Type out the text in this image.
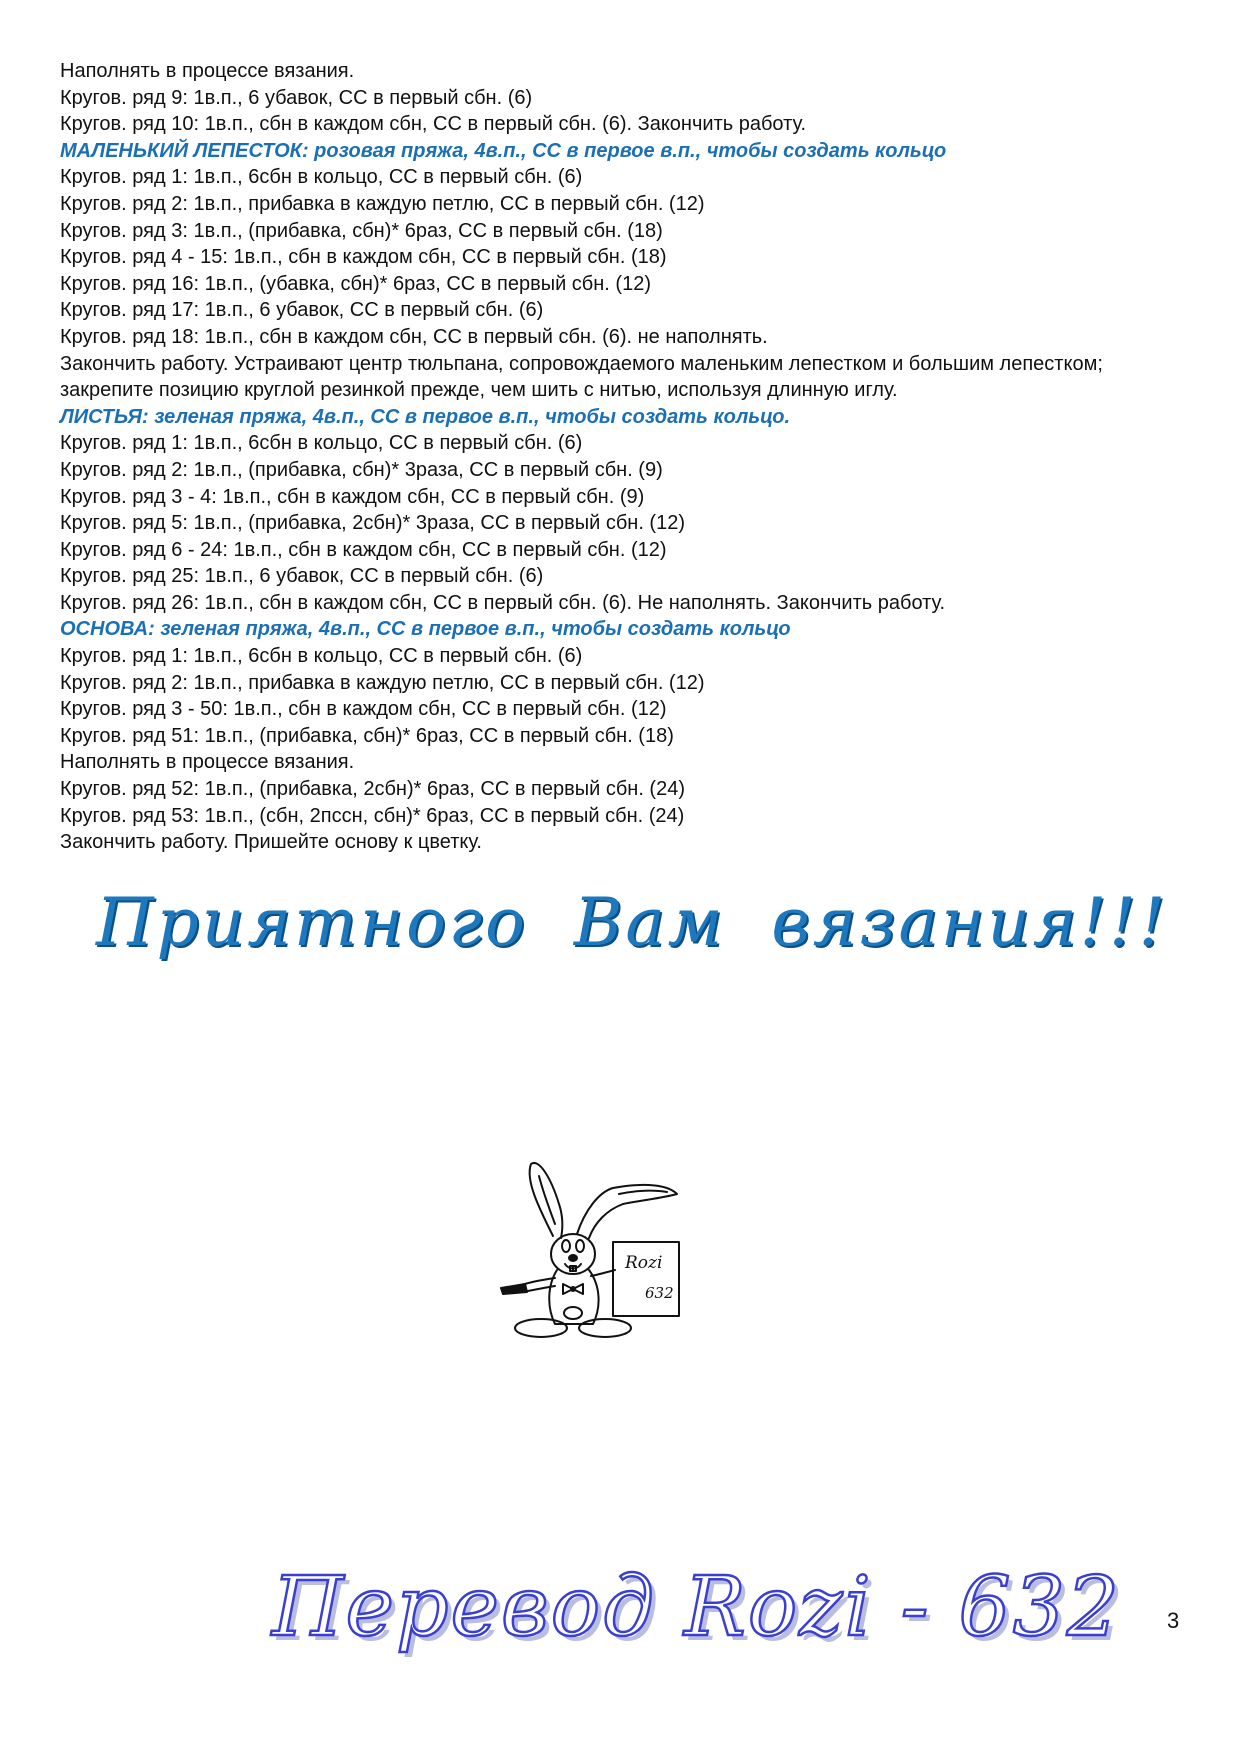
Наполнять в процессе вязания.
Кругов. ряд 9: 1в.п., 6 убавок, СС в первый сбн. (6)
Кругов. ряд 10: 1в.п., сбн в каждом сбн, СС в первый сбн. (6). Закончить работу.
МАЛЕНЬКИЙ ЛЕПЕСТОК: розовая пряжа, 4в.п., СС в первое в.п., чтобы создать кольцо
Кругов. ряд 1: 1в.п., 6сбн в кольцо, СС в первый сбн. (6)
Кругов. ряд 2: 1в.п., прибавка в каждую петлю, СС в первый сбн. (12)
Кругов. ряд 3: 1в.п., (прибавка, сбн)* 6раз, СС в первый сбн. (18)
Кругов. ряд 4 - 15: 1в.п., сбн в каждом сбн, СС в первый сбн. (18)
Кругов. ряд 16: 1в.п., (убавка, сбн)* 6раз, СС в первый сбн. (12)
Кругов. ряд 17: 1в.п., 6 убавок, СС в первый сбн. (6)
Кругов. ряд 18: 1в.п., сбн в каждом сбн, СС в первый сбн. (6). не наполнять.
Закончить работу. Устраивают центр тюльпана, сопровождаемого маленьким лепестком и большим лепестком; закрепите позицию круглой резинкой прежде, чем шить с нитью, используя длинную иглу.
ЛИСТЬЯ: зеленая пряжа, 4в.п., СС в первое в.п., чтобы создать кольцо.
Кругов. ряд 1: 1в.п., 6сбн в кольцо, СС в первый сбн. (6)
Кругов. ряд 2: 1в.п., (прибавка, сбн)* 3раза, СС в первый сбн. (9)
Кругов. ряд 3 - 4: 1в.п., сбн в каждом сбн, СС в первый сбн. (9)
Кругов. ряд 5: 1в.п., (прибавка, 2сбн)* 3раза, СС в первый сбн. (12)
Кругов. ряд 6 - 24: 1в.п., сбн в каждом сбн, СС в первый сбн. (12)
Кругов. ряд 25: 1в.п., 6 убавок, СС в первый сбн. (6)
Кругов. ряд 26: 1в.п., сбн в каждом сбн, СС в первый сбн. (6). Не наполнять. Закончить работу.
ОСНОВА: зеленая пряжа, 4в.п., СС в первое в.п., чтобы создать кольцо
Кругов. ряд 1: 1в.п., 6сбн в кольцо, СС в первый сбн. (6)
Кругов. ряд 2: 1в.п., прибавка в каждую петлю, СС в первый сбн. (12)
Кругов. ряд 3 - 50: 1в.п., сбн в каждом сбн, СС в первый сбн. (12)
Кругов. ряд 51: 1в.п., (прибавка, сбн)* 6раз, СС в первый сбн. (18)
Наполнять в процессе вязания.
Кругов. ряд 52: 1в.п., (прибавка, 2сбн)* 6раз, СС в первый сбн. (24)
Кругов. ряд 53: 1в.п., (сбн, 2пссн, сбн)* 6раз, СС в первый сбн. (24)
Закончить работу. Пришейте основу к цветку.
Приятного Вам вязания!!!
Rozi
632
Перевод Rozi - 632 3
